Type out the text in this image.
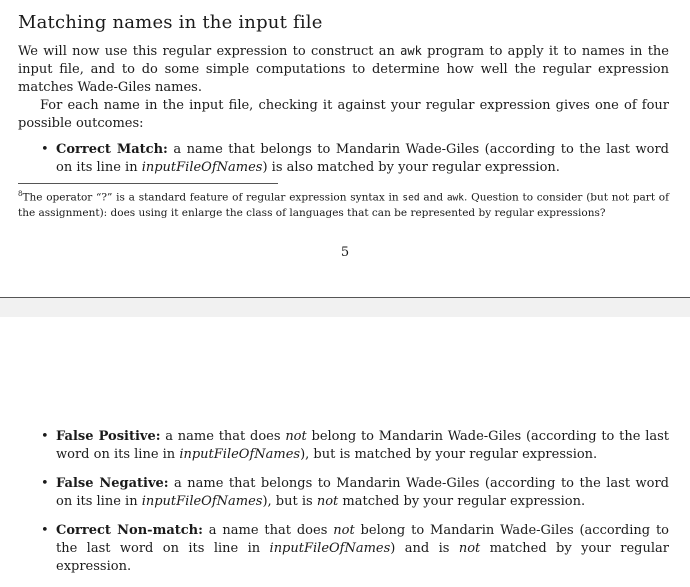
Matching names in the input file

We will now use this regular expression to construct an awk program to apply it to names in the input file, and to do some simple computations to determine how well the regular expression matches Wade-Giles names.

For each name in the input file, checking it against your regular expression gives one of four possible outcomes:

• Correct Match: a name that belongs to Mandarin Wade-Giles (according to the last word on its line in inputFileOfNames) is also matched by your regular expression.
$^8$The operator “?” is a standard feature of regular expression syntax in sed and awk. Question to consider (but not part of the assignment): does using it enlarge the class of languages that can be represented by regular expressions?
5
• False Positive: a name that does not belong to Mandarin Wade-Giles (according to the last word on its line in inputFileOfNames), but is matched by your regular expression.
• False Negative: a name that belongs to Mandarin Wade-Giles (according to the last word on its line in inputFileOfNames), but is not matched by your regular expression.
• Correct Non-match: a name that does not belong to Mandarin Wade-Giles (according to the last word on its line in inputFileOfNames) and is not matched by your regular expression.
